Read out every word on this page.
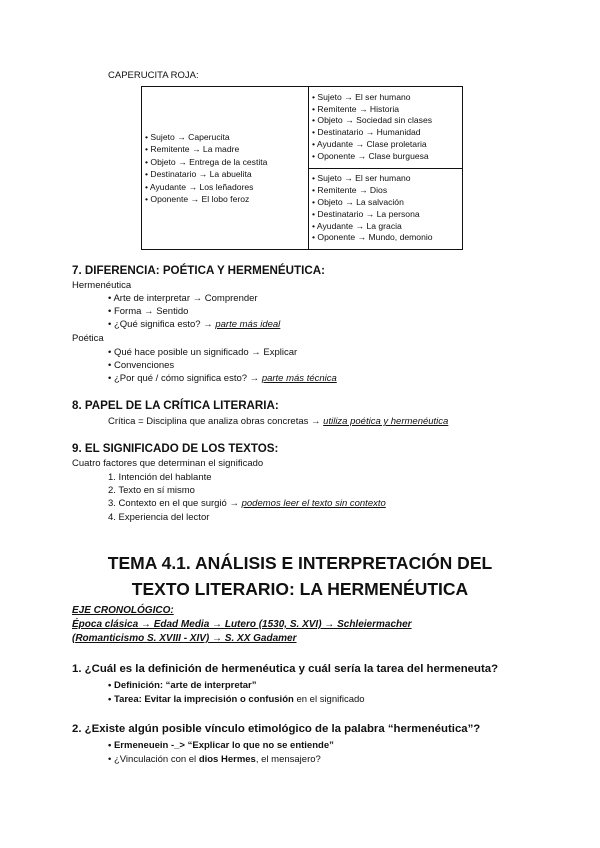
CAPERUCITA ROJA:
• Sujeto → Caperucita
• Remitente → La madre
• Objeto → Entrega de la cestita
• Destinatario → La abuelita
• Ayudante → Los leñadores
• Oponente → El lobo feroz

• Sujeto → El ser humano
• Remitente → Historia
• Objeto → Sociedad sin clases
• Destinatario → Humanidad
• Ayudante → Clase proletaria
• Oponente → Clase burguesa

• Sujeto → El ser humano
• Remitente → Dios
• Objeto → La salvación
• Destinatario → La persona
• Ayudante → La gracia
• Oponente → Mundo, demonio
7. DIFERENCIA: POÉTICA Y HERMENÉUTICA:
Hermenéutica
• Arte de interpretar → Comprender
• Forma → Sentido
• ¿Qué significa esto? → parte más ideal
Poética
• Qué hace posible un significado → Explicar
• Convenciones
• ¿Por qué / cómo significa esto? → parte más técnica
8. PAPEL DE LA CRÍTICA LITERARIA:
Crítica = Disciplina que analiza obras concretas → utiliza poética y hermenéutica
9. EL SIGNIFICADO DE LOS TEXTOS:
Cuatro factores que determinan el significado
1. Intención del hablante
2. Texto en sí mismo
3. Contexto en el que surgió → podemos leer el texto sin contexto
4. Experiencia del lector
TEMA 4.1. ANÁLISIS E INTERPRETACIÓN DEL
TEXTO LITERARIO: LA HERMENÉUTICA
EJE CRONOLÓGICO:
Época clásica → Edad Media → Lutero (1530, S. XVI) → Schleiermacher
(Romanticismo S. XVIII - XIV) → S. XX Gadamer
1. ¿Cuál es la definición de hermenéutica y cuál sería la tarea del hermeneuta?
• Definición: “arte de interpretar”
• Tarea: Evitar la imprecisión o confusión en el significado
2. ¿Existe algún posible vínculo etimológico de la palabra “hermenéutica”?
• Ermeneuein -_> “Explicar lo que no se entiende”
• ¿Vinculación con el dios Hermes, el mensajero?
